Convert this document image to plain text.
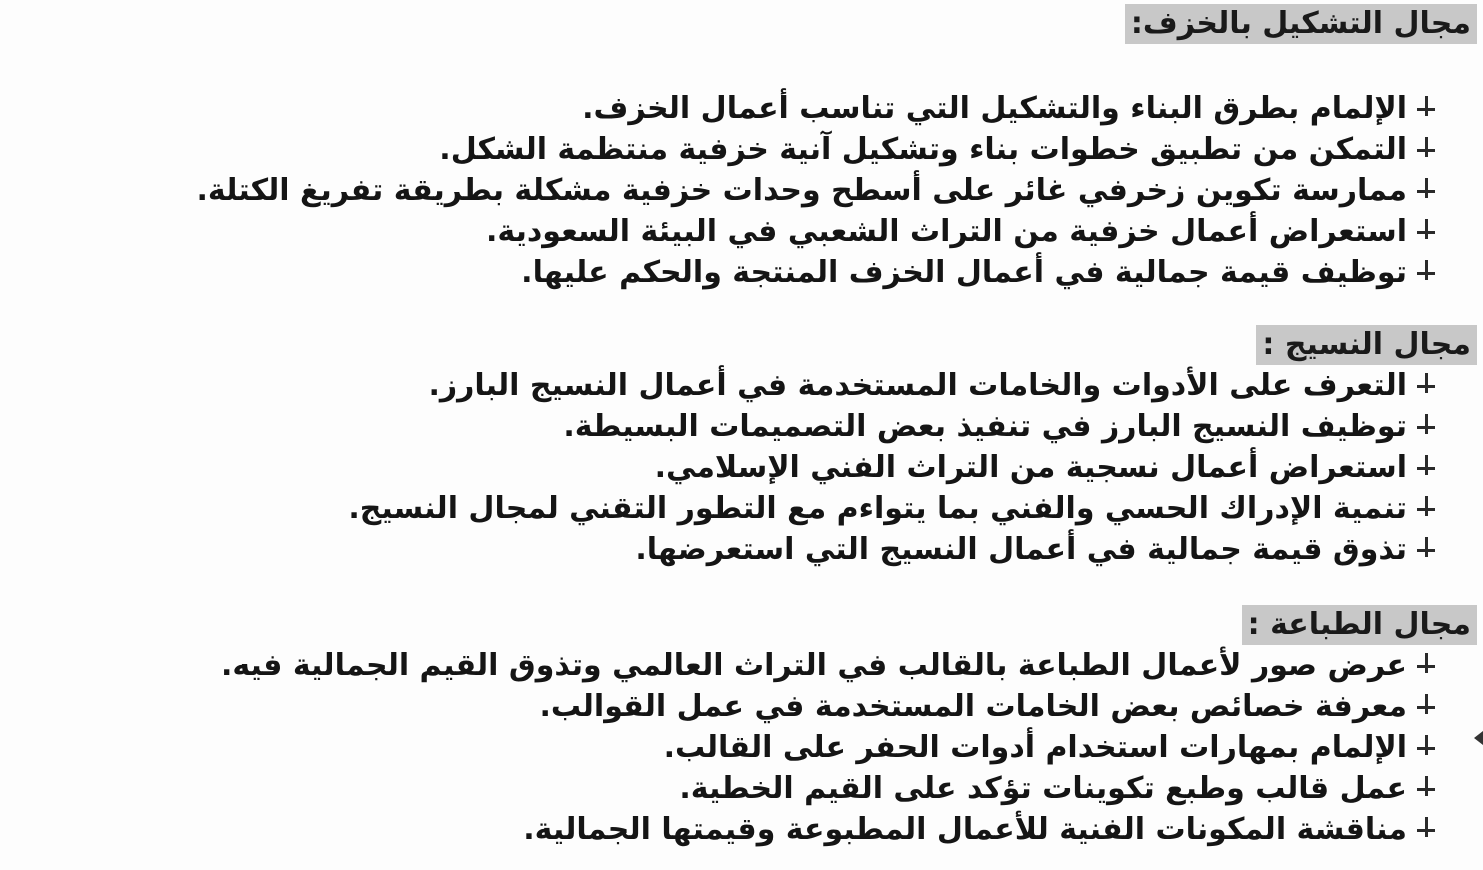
مجال التشكيل بالخزف:
الإلمام بطرق البناء والتشكيل التي تناسب أعمال الخزف.
التمكن من تطبيق خطوات بناء وتشكيل آنية خزفية منتظمة الشكل.
ممارسة تكوين زخرفي غائر على أسطح وحدات خزفية مشكلة بطريقة تفريغ الكتلة.
استعراض أعمال خزفية من التراث الشعبي في البيئة السعودية.
توظيف قيمة جمالية في أعمال الخزف المنتجة والحكم عليها.
مجال النسيج :
التعرف على الأدوات والخامات المستخدمة في أعمال النسيج البارز.
توظيف النسيج البارز في تنفيذ بعض التصميمات البسيطة.
استعراض أعمال نسجية من التراث الفني الإسلامي.
تنمية الإدراك الحسي والفني بما يتواءم مع التطور التقني لمجال النسيج.
تذوق قيمة جمالية في أعمال النسيج التي استعرضها.
مجال الطباعة :
عرض صور لأعمال الطباعة بالقالب في التراث العالمي وتذوق القيم الجمالية فيه.
معرفة خصائص بعض الخامات المستخدمة في عمل القوالب.
الإلمام بمهارات استخدام أدوات الحفر على القالب.
عمل قالب وطبع تكوينات تؤكد على القيم الخطية.
مناقشة المكونات الفنية للأعمال المطبوعة وقيمتها الجمالية.
